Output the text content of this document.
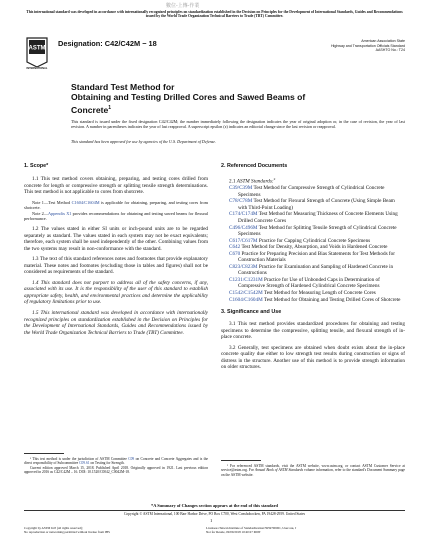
This international standard was developed in accordance with internationally recognized principles on standardization established in the Decision on Principles for the Development of International Standards, Guides and Recommendations issued by the World Trade Organization Technical Barriers to Trade (TBT) Committee.
數位-上傳-作業
ASTM
INTERNATIONAL
Designation: C42/C42M − 18	American Association State
Highway and Transportation Officials Standard
AASHTO No.: T24
Standard Test Method for
Obtaining and Testing Drilled Cores and Sawed Beams of
Concrete$^1$
This standard is issued under the fixed designation C42/C42M; the number immediately following the designation indicates the year of original adoption or, in the case of revision, the year of last revision. A number in parentheses indicates the year of last reapproval. A superscript epsilon (ε) indicates an editorial change since the last revision or reapproval.
This standard has been approved for use by agencies of the U.S. Department of Defense.
1. Scope*
1.1 This test method covers obtaining, preparing, and testing cores drilled from concrete for length or compressive strength or splitting tensile strength determinations. This test method is not applicable to cores from shotcrete.
Note 1—Test Method C1604/C1604M is applicable for obtaining, preparing, and testing cores from shotcrete.
Note 2—Appendix X1 provides recommendations for obtaining and testing sawed beams for flexural performance.
1.2 The values stated in either SI units or inch-pound units are to be regarded separately as standard. The values stated in each system may not be exact equivalents; therefore, each system shall be used independently of the other. Combining values from the two systems may result in non-conformance with the standard.
1.3 The text of this standard references notes and footnotes that provide explanatory material. These notes and footnotes (excluding those in tables and figures) shall not be considered as requirements of the standard.
1.4 This standard does not purport to address all of the safety concerns, if any, associated with its use. It is the responsibility of the user of this standard to establish appropriate safety, health, and environmental practices and determine the applicability of regulatory limitations prior to use.
1.5 This international standard was developed in accordance with internationally recognized principles on standardization established in the Decision on Principles for the Development of International Standards, Guides and Recommendations issued by the World Trade Organization Technical Barriers to Trade (TBT) Committee.
¹ This test method is under the jurisdiction of ASTM Committee C09 on Concrete and Concrete Aggregates and is the direct responsibility of Subcommittee C09.61 on Testing for Strength.
Current edition approved March 15, 2018. Published April 2018. Originally approved in 1921. Last previous edition approved in 2016 as C42/C42M – 16. DOI: 10.1520/C0042_C0042M-18.
2. Referenced Documents
2.1 ASTM Standards:$^2$
C39/C39M Test Method for Compressive Strength of Cylindrical Concrete Specimens
C78/C78M Test Method for Flexural Strength of Concrete (Using Simple Beam with Third-Point Loading)
C174/C174M Test Method for Measuring Thickness of Concrete Elements Using Drilled Concrete Cores
C496/C496M Test Method for Splitting Tensile Strength of Cylindrical Concrete Specimens
C617/C617M Practice for Capping Cylindrical Concrete Specimens
C642 Test Method for Density, Absorption, and Voids in Hardened Concrete
C670 Practice for Preparing Precision and Bias Statements for Test Methods for Construction Materials
C823/C823M Practice for Examination and Sampling of Hardened Concrete in Constructions
C1231/C1231M Practice for Use of Unbonded Caps in Determination of Compressive Strength of Hardened Cylindrical Concrete Specimens
C1542/C1542M Test Method for Measuring Length of Concrete Cores
C1604/C1604M Test Method for Obtaining and Testing Drilled Cores of Shotcrete
3. Significance and Use
3.1 This test method provides standardized procedures for obtaining and testing specimens to determine the compressive, splitting tensile, and flexural strength of in-place concrete.
3.2 Generally, test specimens are obtained when doubt exists about the in-place concrete quality due either to low strength test results during construction or signs of distress in the structure. Another use of this method is to provide strength information on older structures.
² For referenced ASTM standards, visit the ASTM website, www.astm.org, or contact ASTM Customer Service at service@astm.org. For Annual Book of ASTM Standards volume information, refer to the standard's Document Summary page on the ASTM website.
*A Summary of Changes section appears at the end of this standard
Copyright © ASTM International, 100 Barr Harbor Drive, PO Box C700, West Conshohocken, PA 19428-2959. United States
1
Copyright by ASTM Int'l (all rights reserved);
No reproduction or networking permitted without license from IHS
Licensee=Taiwan Institute of Standardization/5959700001, User=uu, J
Not for Resale, 09/09/2018 10:40:27 MDT
